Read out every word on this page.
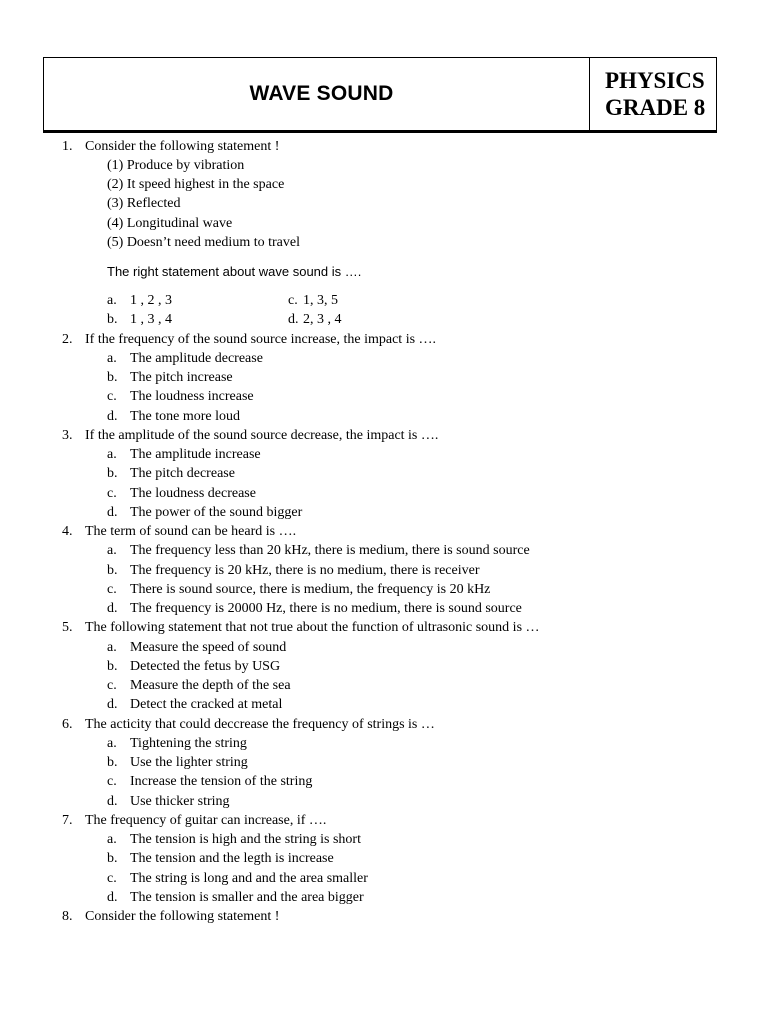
WAVE SOUND
PHYSICS
GRADE 8
1. Consider the following statement !
(1) Produce by vibration
(2) It speed highest in the space
(3) Reflected
(4) Longitudinal wave
(5) Doesn’t need medium to travel
The right statement about wave sound is ….
a. 1 , 2 , 3	c. 1, 3, 5
b. 1 , 3 , 4	d. 2, 3 , 4
2. If the frequency of the sound source increase, the impact is ….
a. The amplitude decrease
b. The pitch increase
c. The loudness increase
d. The tone more loud
3. If the amplitude of the sound source decrease, the impact is ….
a. The amplitude increase
b. The pitch decrease
c. The loudness decrease
d. The power of the sound bigger
4. The term of sound can be heard is ….
a. The frequency less than 20 kHz, there is medium, there is sound source
b. The frequency is 20 kHz, there is no medium, there is receiver
c. There is sound source, there is medium, the frequency is 20 kHz
d. The frequency is 20000 Hz, there is no medium, there is sound source
5. The following statement that not true about the function of ultrasonic sound is …
a. Measure the speed of sound
b. Detected the fetus by USG
c. Measure the depth of the sea
d. Detect the cracked at metal
6. The acticity that could deccrease the frequency of strings is …
a. Tightening the string
b. Use the lighter string
c. Increase the tension of the string
d. Use thicker string
7. The frequency of guitar can increase, if ….
a. The tension is high and the string is short
b. The tension and the legth is increase
c. The string is long and and the area smaller
d. The tension is smaller and the area bigger
8. Consider the following statement !
